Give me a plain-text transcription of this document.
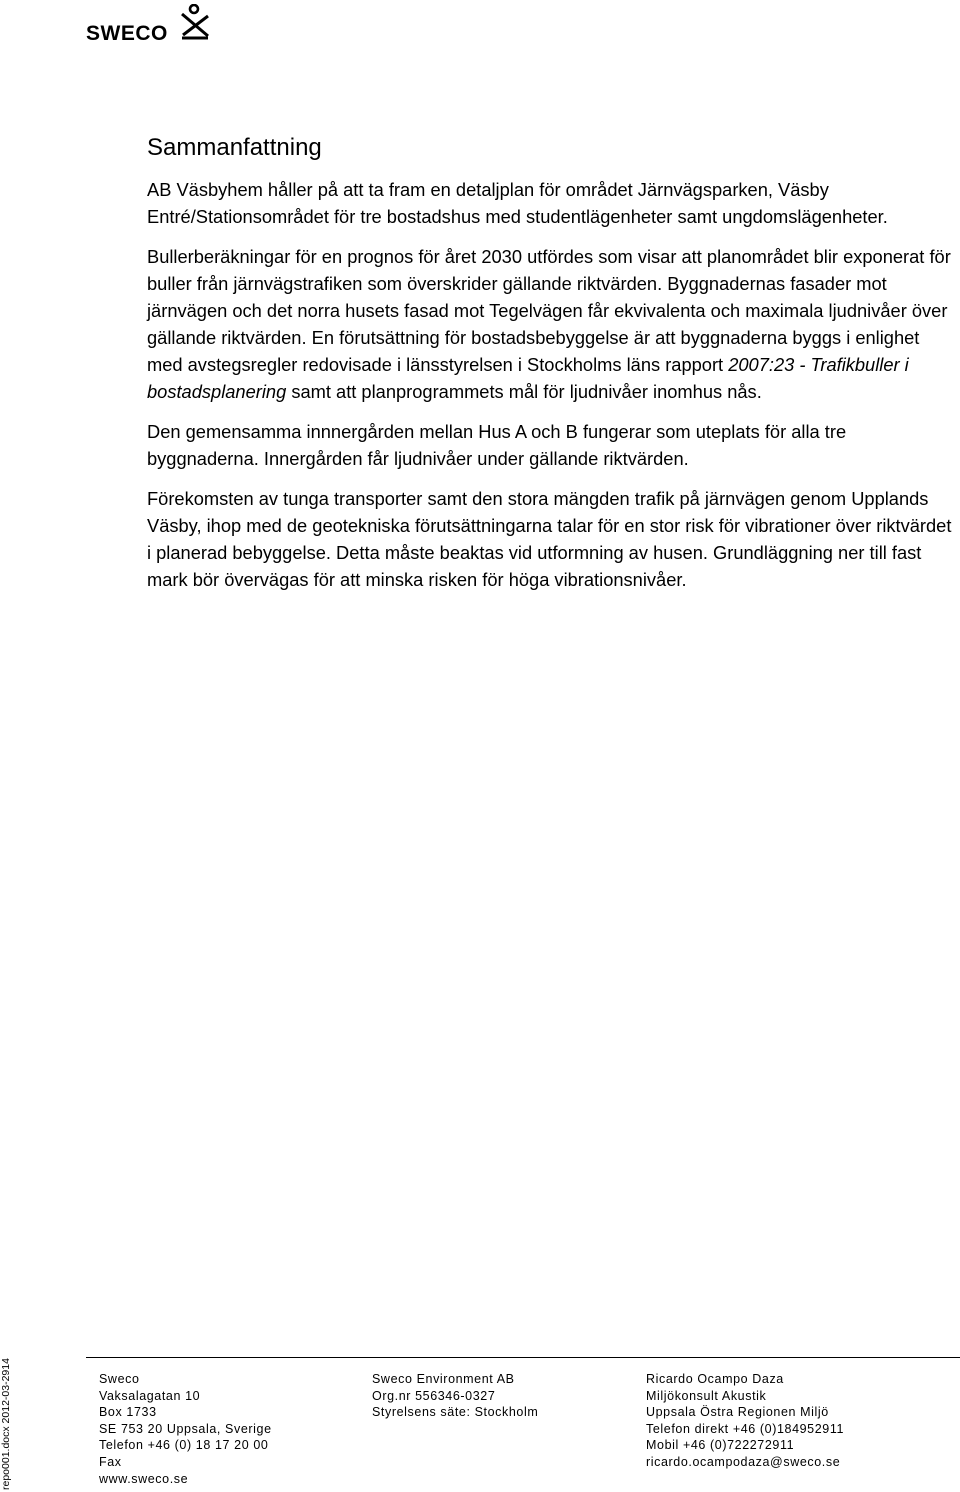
SWECO
Sammanfattning

AB Väsbyhem håller på att ta fram en detaljplan för området Järnvägsparken, Väsby Entré/Stationsområdet för tre bostadshus med studentlägenheter samt ungdomslägenheter.

Bullerberäkningar för en prognos för året 2030 utfördes som visar att planområdet blir exponerat för buller från järnvägstrafiken som överskrider gällande riktvärden. Byggnadernas fasader mot järnvägen och det norra husets fasad mot Tegelvägen får ekvivalenta och maximala ljudnivåer över gällande riktvärden. En förutsättning för bostadsbebyggelse är att byggnaderna byggs i enlighet med avstegsregler redovisade i länsstyrelsen i Stockholms läns rapport 2007:23 - Trafikbuller i bostadsplanering samt att planprogrammets mål för ljudnivåer inomhus nås.

Den gemensamma innnergården mellan Hus A och B fungerar som uteplats för alla tre byggnaderna. Innergården får ljudnivåer under gällande riktvärden.

Förekomsten av tunga transporter samt den stora mängden trafik på järnvägen genom Upplands Väsby, ihop med de geotekniska förutsättningarna talar för en stor risk för vibrationer över riktvärdet i planerad bebyggelse. Detta måste beaktas vid utformning av husen. Grundläggning ner till fast mark bör övervägas för att minska risken för höga vibrationsnivåer.

repo001.docx 2012-03-2914	Sweco
Vaksalagatan 10
Box 1733
SE 753 20 Uppsala, Sverige
Telefon +46 (0) 18 17 20 00
Fax
www.sweco.se
Sweco Environment AB
Org.nr 556346-0327
Styrelsens säte: Stockholm
Ricardo Ocampo Daza
Miljökonsult Akustik
Uppsala Östra Regionen Miljö
Telefon direkt +46 (0)184952911
Mobil +46 (0)722272911
ricardo.ocampodaza@sweco.se
